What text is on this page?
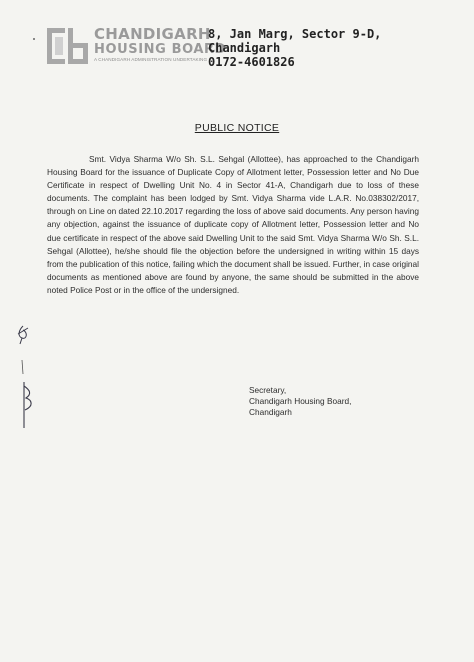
CHANDIGARH
HOUSING BOARD
A CHANDIGARH ADMINISTRATION UNDERTAKING
8, Jan Marg, Sector 9-D,
Chandigarh
0172-4601826
PUBLIC NOTICE

Smt. Vidya Sharma W/o Sh. S.L. Sehgal (Allottee), has approached to the Chandigarh Housing Board for the issuance of Duplicate Copy of Allotment letter, Possession letter and No Due Certificate in respect of Dwelling Unit No. 4 in Sector 41-A, Chandigarh due to loss of these documents. The complaint has been lodged by Smt. Vidya Sharma vide L.A.R. No.038302/2017, through on Line on dated 22.10.2017 regarding the loss of above said documents. Any person having any objection, against the issuance of duplicate copy of Allotment letter, Possession letter and No due certificate in respect of the above said Dwelling Unit to the said Smt. Vidya Sharma W/o Sh. S.L. Sehgal (Allottee), he/she should file the objection before the undersigned in writing within 15 days from the publication of this notice, failing which the document shall be issued. Further, in case original documents as mentioned above are found by anyone, the same should be submitted in the above noted Police Post or in the office of the undersigned.

Secretary,
Chandigarh Housing Board,
Chandigarh
